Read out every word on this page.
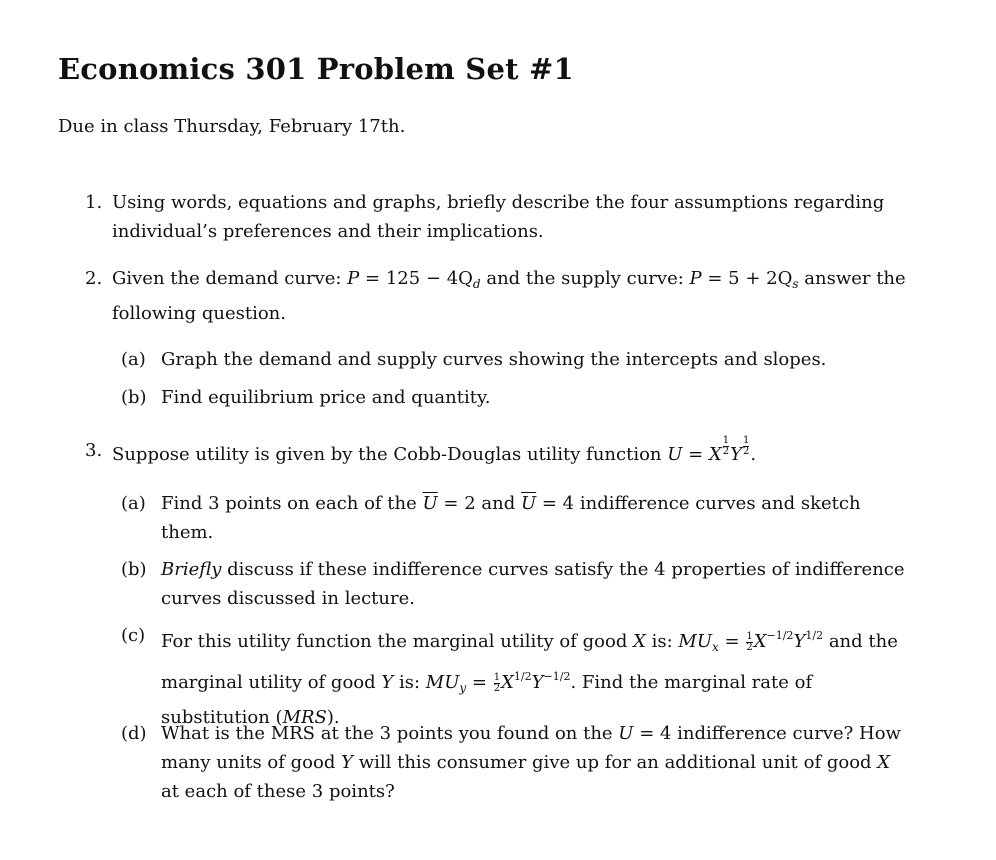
Economics 301 Problem Set #1
Due in class Thursday, February 17th.
1. Using words, equations and graphs, briefly describe the four assumptions regarding individual’s preferences and their implications.
2. Given the demand curve: $P = 125 - 4Q_d$ and the supply curve: $P = 5 + 2Q_s$ answer the following question.
(a) Graph the demand and supply curves showing the intercepts and slopes.
(b) Find equilibrium price and quantity.
3. Suppose utility is given by the Cobb-Douglas utility function U = X $\frac{1}{2}$ Y $\frac{1}{2}$ .
(a) Find 3 points on each of the $\overline{U} = 2$ and $\overline{U} = 4$ indifference curves and sketch them.
(b) Briefly discuss if these indifference curves satisfy the 4 properties of indifference curves discussed in lecture.
(c) For this utility function the marginal utility of good X is: $MU_x = \frac{1}{2} X^{-1/2}Y^{1/2}$ and the marginal utility of good Y is: $MU_y = \frac{1}{2} X^{1/2}Y^{-1/2}$. Find the marginal rate of substitution (MRS).
(d) What is the MRS at the 3 points you found on the U = 4 indifference curve? How many units of good Y will this consumer give up for an additional unit of good X at each of these 3 points?
